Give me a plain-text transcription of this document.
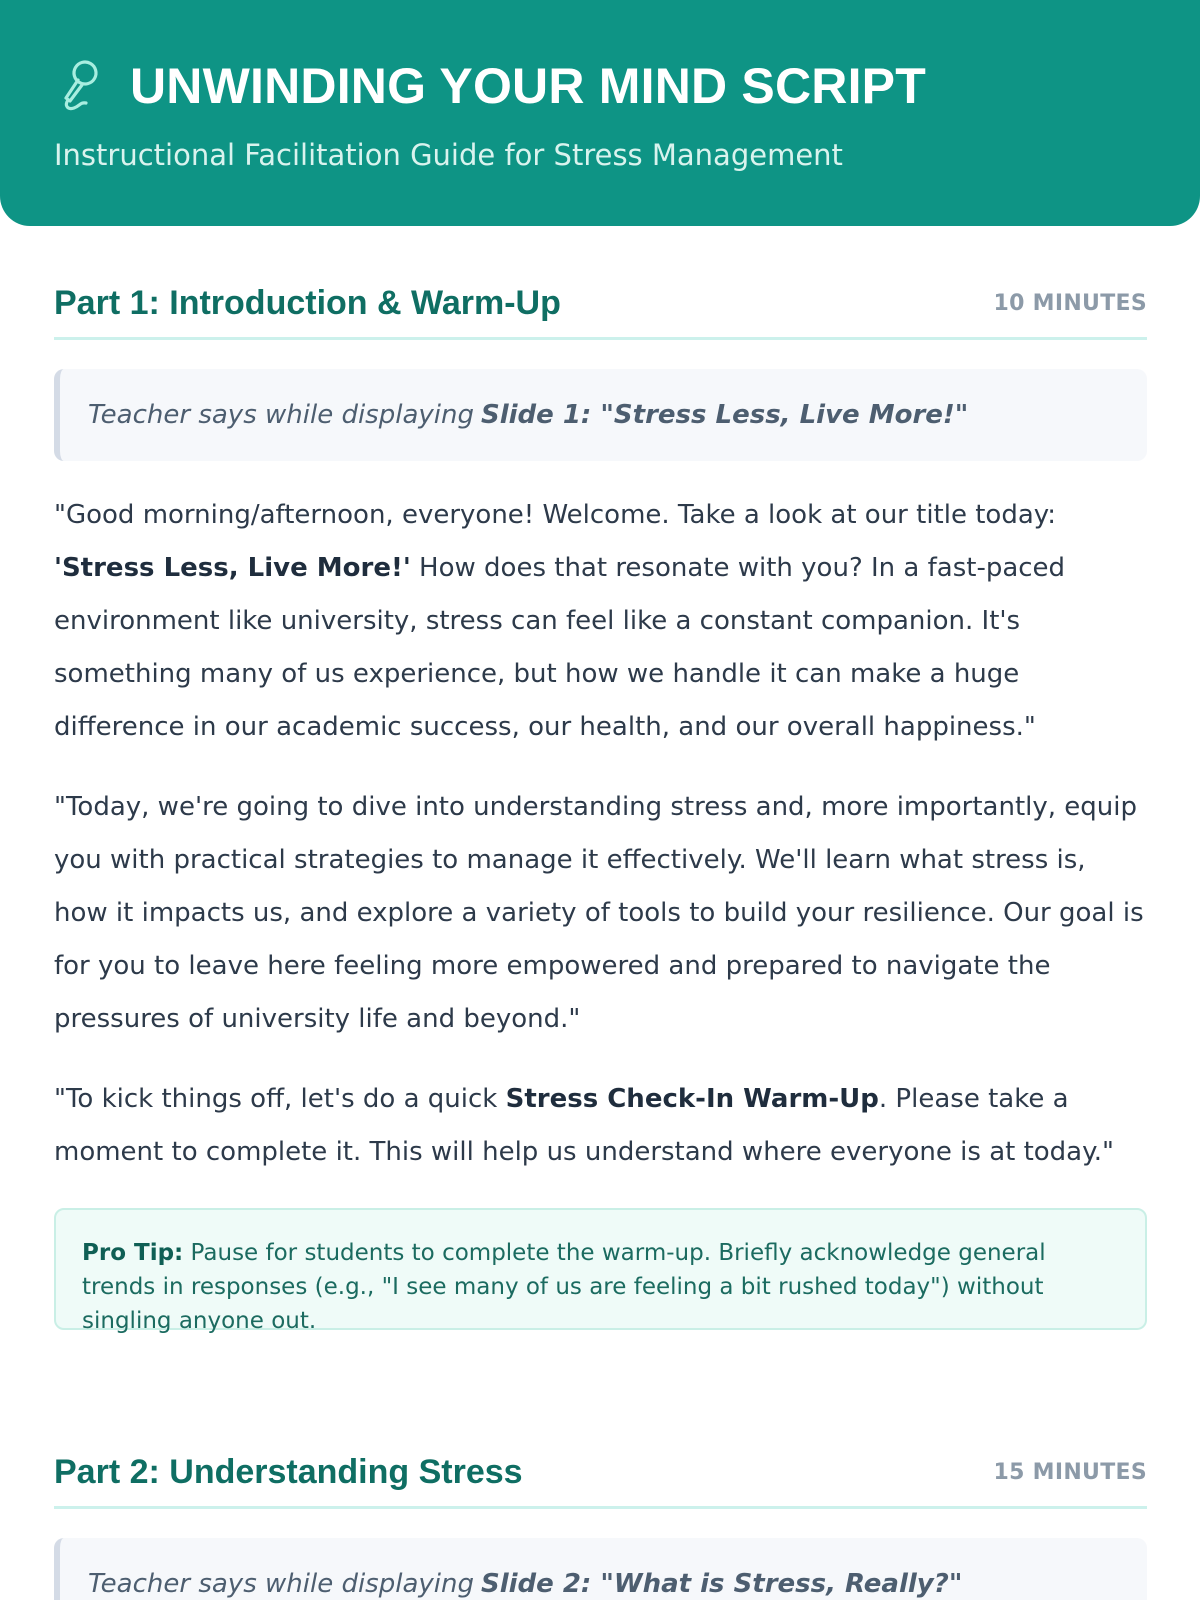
UNWINDING YOUR MIND SCRIPT
Instructional Facilitation Guide for Stress Management
Part 1: Introduction & Warm-Up	10 MINUTES
Teacher says while displaying Slide 1: "Stress Less, Live More!"

"Good morning/afternoon, everyone! Welcome. Take a look at our title today: 'Stress Less, Live More!' How does that resonate with you? In a fast-paced environment like university, stress can feel like a constant companion. It's something many of us experience, but how we handle it can make a huge difference in our academic success, our health, and our overall happiness."

"Today, we're going to dive into understanding stress and, more importantly, equip you with practical strategies to manage it effectively. We'll learn what stress is, how it impacts us, and explore a variety of tools to build your resilience. Our goal is for you to leave here feeling more empowered and prepared to navigate the pressures of university life and beyond."

"To kick things off, let's do a quick Stress Check-In Warm-Up. Please take a moment to complete it. This will help us understand where everyone is at today."

Pro Tip: Pause for students to complete the warm-up. Briefly acknowledge general trends in responses (e.g., "I see many of us are feeling a bit rushed today") without singling anyone out.
Part 2: Understanding Stress	15 MINUTES
Teacher says while displaying Slide 2: "What is Stress, Really?"
